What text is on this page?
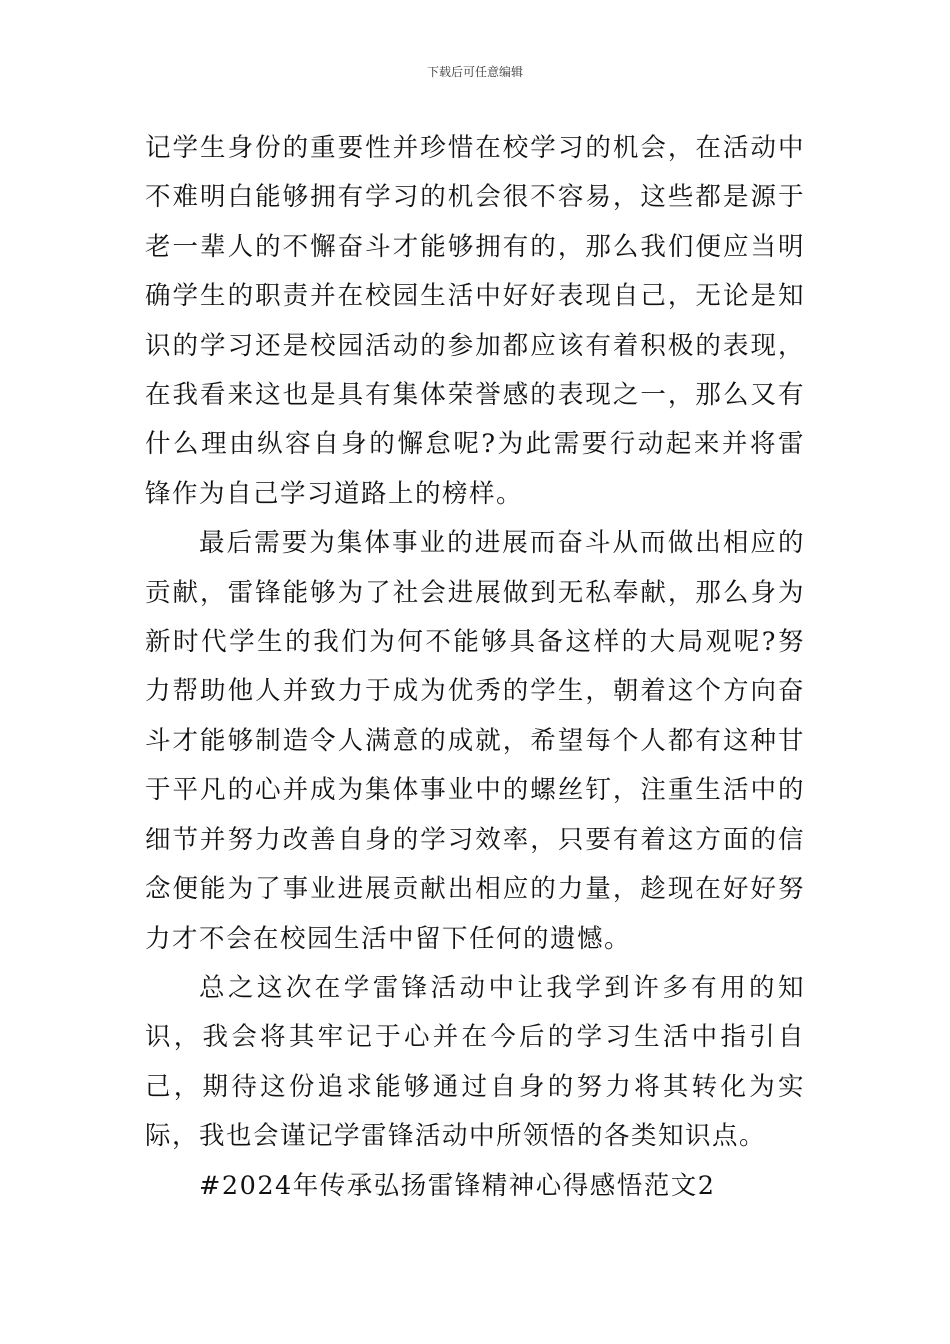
下载后可任意编辑

记学生身份的重要性并珍惜在校学习的机会，在活动中不难明白能够拥有学习的机会很不容易，这些都是源于老一辈人的不懈奋斗才能够拥有的，那么我们便应当明确学生的职责并在校园生活中好好表现自己，无论是知识的学习还是校园活动的参加都应该有着积极的表现，在我看来这也是具有集体荣誉感的表现之一，那么又有什么理由纵容自身的懈怠呢?为此需要行动起来并将雷锋作为自己学习道路上的榜样。

最后需要为集体事业的进展而奋斗从而做出相应的贡献，雷锋能够为了社会进展做到无私奉献，那么身为新时代学生的我们为何不能够具备这样的大局观呢?努力帮助他人并致力于成为优秀的学生，朝着这个方向奋斗才能够制造令人满意的成就，希望每个人都有这种甘于平凡的心并成为集体事业中的螺丝钉，注重生活中的细节并努力改善自身的学习效率，只要有着这方面的信念便能为了事业进展贡献出相应的力量，趁现在好好努力才不会在校园生活中留下任何的遗憾。

总之这次在学雷锋活动中让我学到许多有用的知识，我会将其牢记于心并在今后的学习生活中指引自己，期待这份追求能够通过自身的努力将其转化为实际，我也会谨记学雷锋活动中所领悟的各类知识点。

#2024年传承弘扬雷锋精神心得感悟范文2
